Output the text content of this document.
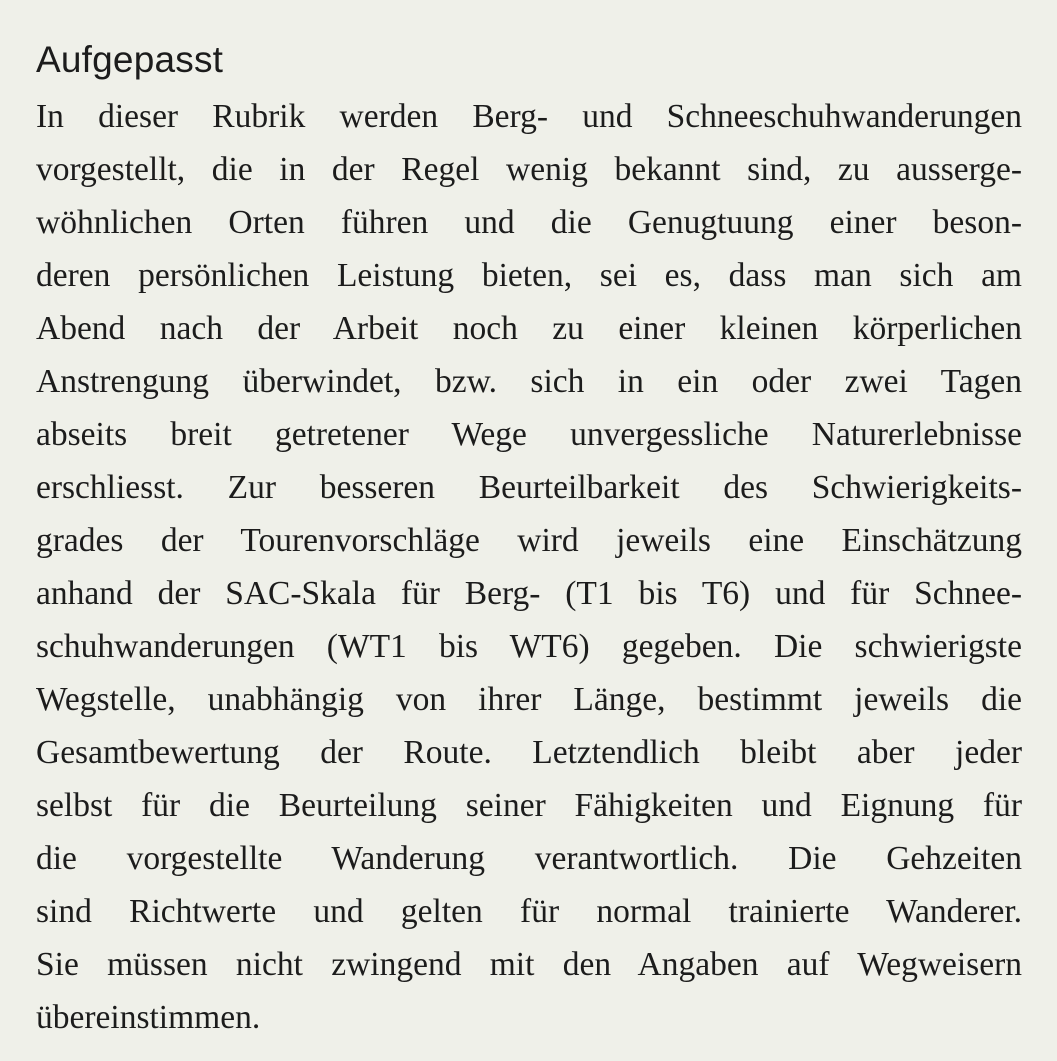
Aufgepasst

In dieser Rubrik werden Berg- und Schneeschuhwanderungen
vorgestellt, die in der Regel wenig bekannt sind, zu ausserge-
wöhnlichen Orten führen und die Genugtuung einer beson-
deren persönlichen Leistung bieten, sei es, dass man sich am
Abend nach der Arbeit noch zu einer kleinen körperlichen
Anstrengung überwindet, bzw. sich in ein oder zwei Tagen
abseits breit getretener Wege unvergessliche Naturerlebnisse
erschliesst. Zur besseren Beurteilbarkeit des Schwierigkeits-
grades der Tourenvorschläge wird jeweils eine Einschätzung
anhand der SAC-Skala für Berg- (T1 bis T6) und für Schnee-
schuhwanderungen (WT1 bis WT6) gegeben. Die schwierigste
Wegstelle, unabhängig von ihrer Länge, bestimmt jeweils die
Gesamtbewertung der Route. Letztendlich bleibt aber jeder
selbst für die Beurteilung seiner Fähigkeiten und Eignung für
die vorgestellte Wanderung verantwortlich. Die Gehzeiten
sind Richtwerte und gelten für normal trainierte Wanderer.
Sie müssen nicht zwingend mit den Angaben auf Wegweisern
übereinstimmen.
